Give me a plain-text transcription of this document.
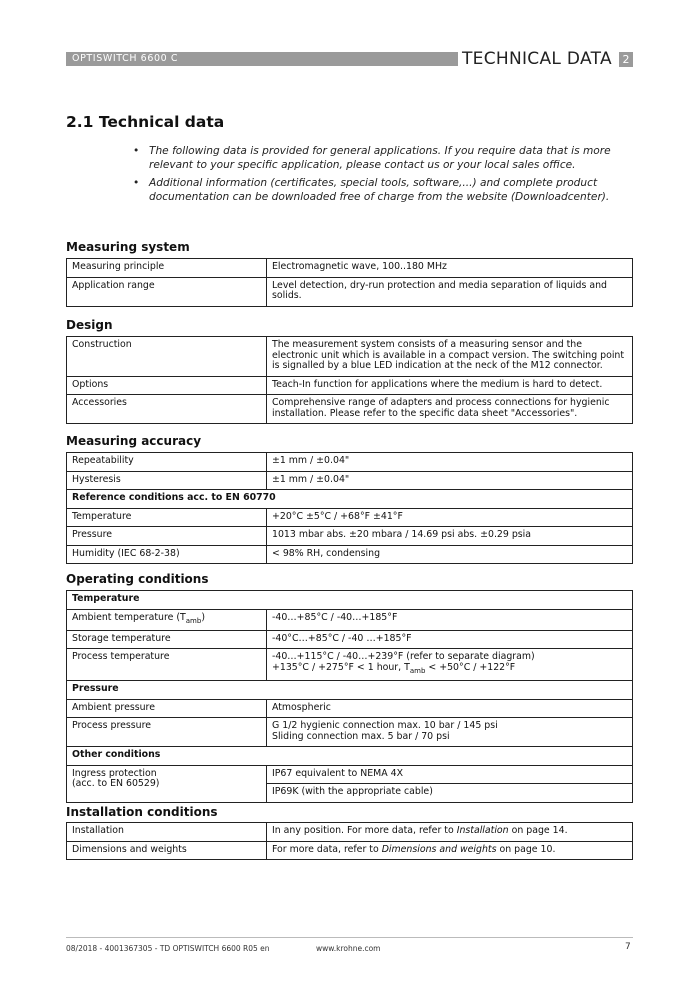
OPTISWITCH 6600 C	TECHNICAL DATA 2
2.1 Technical data
• The following data is provided for general applications. If you require data that is more relevant to your specific application, please contact us or your local sales office.
• Additional information (certificates, special tools, software,...) and complete product documentation can be downloaded free of charge from the website (Downloadcenter).
Measuring system
Measuring principle	Electromagnetic wave, 100..180 MHz
Application range	Level detection, dry-run protection and media separation of liquids and solids.
Design
Construction	The measurement system consists of a measuring sensor and the electronic unit which is available in a compact version. The switching point is signalled by a blue LED indication at the neck of the M12 connector.
Options	Teach-In function for applications where the medium is hard to detect.
Accessories	Comprehensive range of adapters and process connections for hygienic installation. Please refer to the specific data sheet "Accessories".
Measuring accuracy
Repeatability	±1 mm / ±0.04"
Hysteresis	±1 mm / ±0.04"
Reference conditions acc. to EN 60770	
Temperature	+20°C ±5°C / +68°F ±41°F
Pressure	1013 mbar abs. ±20 mbara / 14.69 psi abs. ±0.29 psia
Humidity (IEC 68-2-38)	< 98% RH, condensing
Operating conditions
Temperature	
Ambient temperature $(T_{amb})$	-40…+85°C / -40…+185°F
Storage temperature	-40°C…+85°C / -40 …+185°F
Process temperature	-40…+115°C / -40…+239°F (refer to separate diagram)
+135°C / +275°F < 1 hour, $T_{amb} < +50^\circ C / +122^\circ F$

Pressure	
Ambient pressure	Atmospheric
Process pressure	G 1/2 hygienic connection max. 10 bar / 145 psi
Sliding connection max. 5 bar / 70 psi

Other conditions	

Ingress protection
(acc. to EN 60529)	IP67 equivalent to NEMA 4X
	IP69K (with the appropriate cable)
Installation conditions
Installation	In any position. For more data, refer to Installation on page 14.
Dimensions and weights	For more data, refer to Dimensions and weights on page 10.
08/2018 - 4001367305 - TD OPTISWITCH 6600 R05 en	www.krohne.com	7
